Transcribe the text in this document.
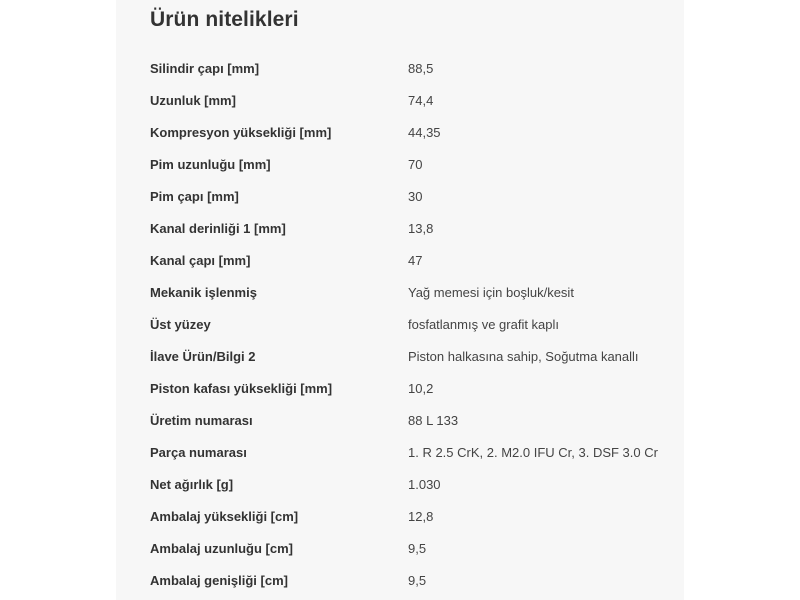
Ürün nitelikleri
Silindir çapı [mm]	88,5
Uzunluk [mm]	74,4
Kompresyon yüksekliği [mm]	44,35
Pim uzunluğu [mm]	70
Pim çapı [mm]	30
Kanal derinliği 1 [mm]	13,8
Kanal çapı [mm]	47
Mekanik işlenmiş	Yağ memesi için boşluk/kesit
Üst yüzey	fosfatlanmış ve grafit kaplı
İlave Ürün/Bilgi 2	Piston halkasına sahip, Soğutma kanallı
Piston kafası yüksekliği [mm]	10,2
Üretim numarası	88 L 133
Parça numarası	1. R 2.5 CrK, 2. M2.0 IFU Cr, 3. DSF 3.0 Cr
Net ağırlık [g]	1.030
Ambalaj yüksekliği [cm]	12,8
Ambalaj uzunluğu [cm]	9,5
Ambalaj genişliği [cm]	9,5
